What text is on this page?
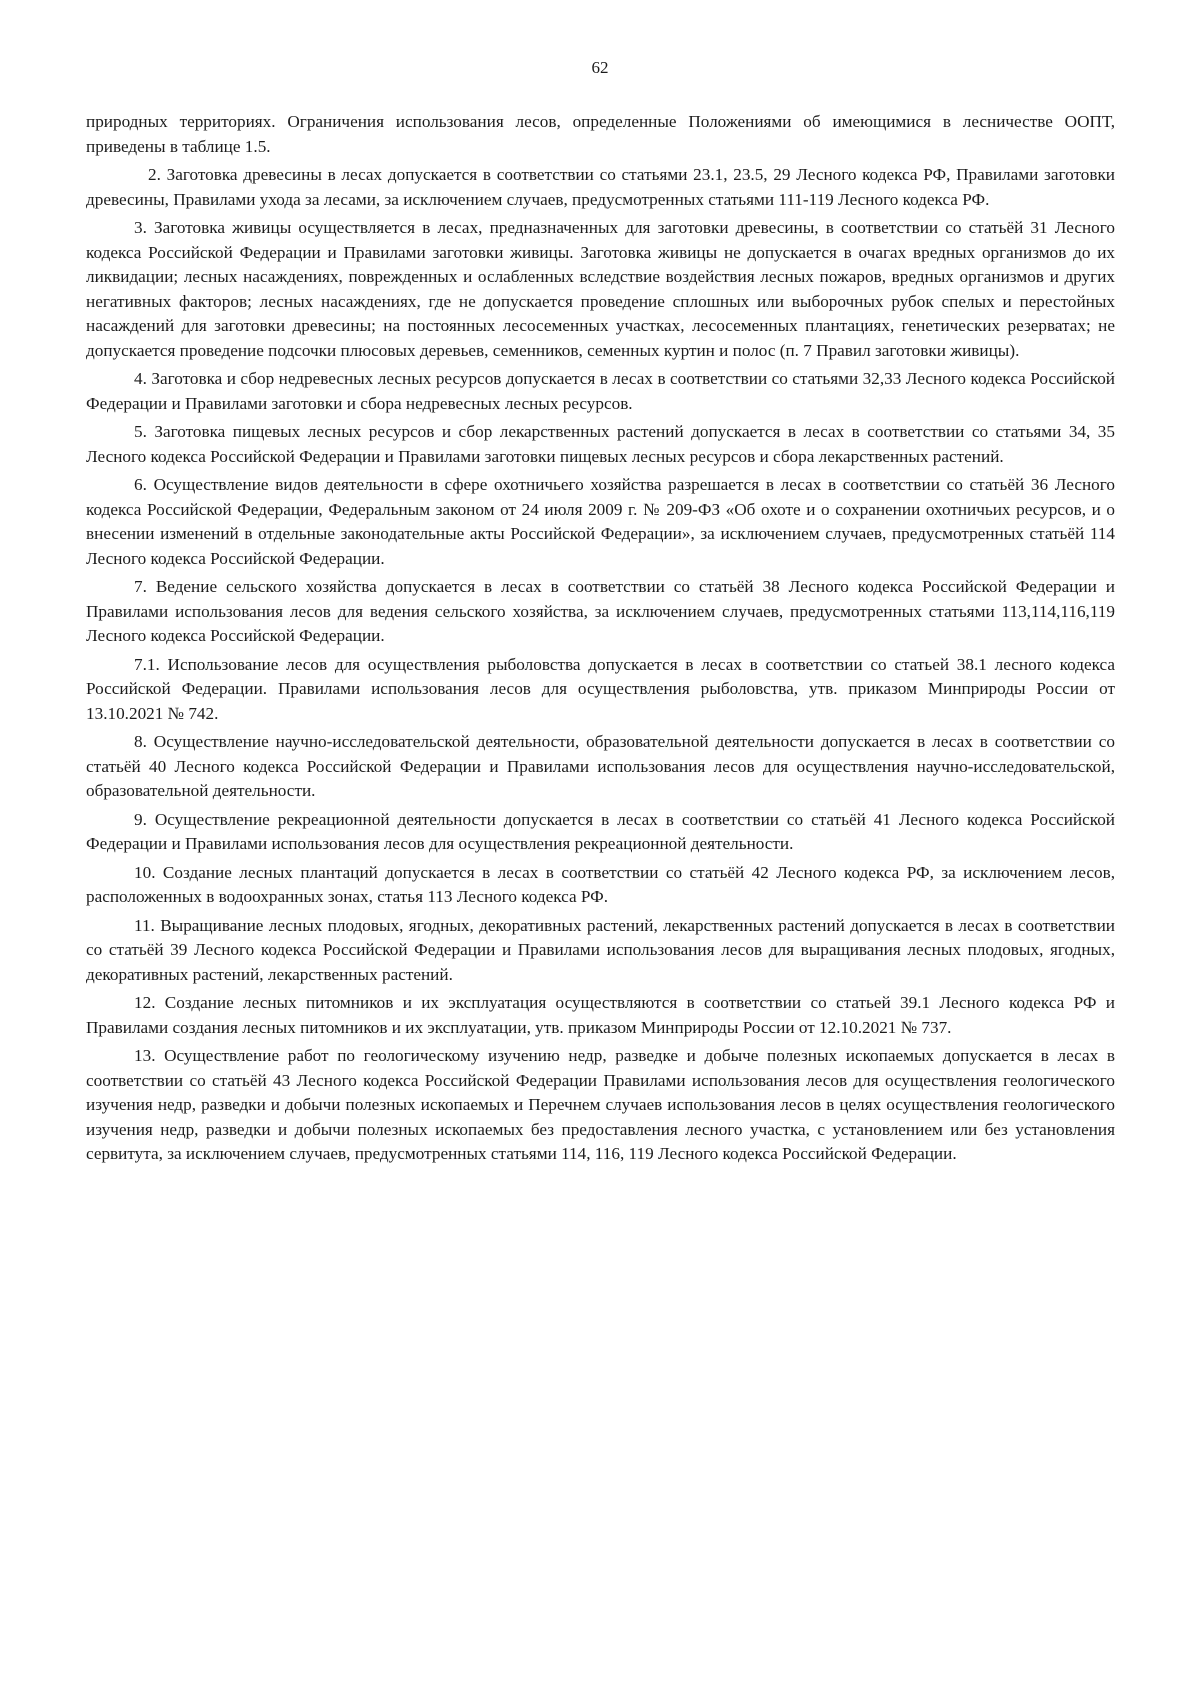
62

природных территориях. Ограничения использования лесов, определенные Положениями об имеющимися в лесничестве ООПТ, приведены в таблице 1.5.

2. Заготовка древесины в лесах допускается в соответствии со статьями 23.1, 23.5, 29 Лесного кодекса РФ, Правилами заготовки древесины, Правилами ухода за лесами, за исключением случаев, предусмотренных статьями 111-119 Лесного кодекса РФ.

3. Заготовка живицы осуществляется в лесах, предназначенных для заготовки древесины, в соответствии со статьёй 31 Лесного кодекса Российской Федерации и Правилами заготовки живицы. Заготовка живицы не допускается в очагах вредных организмов до их ликвидации; лесных насаждениях, поврежденных и ослабленных вследствие воздействия лесных пожаров, вредных организмов и других негативных факторов; лесных насаждениях, где не допускается проведение сплошных или выборочных рубок спелых и перестойных насаждений для заготовки древесины; на постоянных лесосеменных участках, лесосеменных плантациях, генетических резерватах; не допускается проведение подсочки плюсовых деревьев, семенников, семенных куртин и полос (п. 7 Правил заготовки живицы).

4. Заготовка и сбор недревесных лесных ресурсов допускается в лесах в соответствии со статьями 32,33 Лесного кодекса Российской Федерации и Правилами заготовки и сбора недревесных лесных ресурсов.

5. Заготовка пищевых лесных ресурсов и сбор лекарственных растений допускается в лесах в соответствии со статьями 34, 35 Лесного кодекса Российской Федерации и Правилами заготовки пищевых лесных ресурсов и сбора лекарственных растений.

6. Осуществление видов деятельности в сфере охотничьего хозяйства разрешается в лесах в соответствии со статьёй 36 Лесного кодекса Российской Федерации, Федеральным законом от 24 июля 2009 г. № 209-ФЗ «Об охоте и о сохранении охотничьих ресурсов, и о внесении изменений в отдельные законодательные акты Российской Федерации», за исключением случаев, предусмотренных статьёй 114 Лесного кодекса Российской Федерации.

7. Ведение сельского хозяйства допускается в лесах в соответствии со статьёй 38 Лесного кодекса Российской Федерации и Правилами использования лесов для ведения сельского хозяйства, за исключением случаев, предусмотренных статьями 113,114,116,119 Лесного кодекса Российской Федерации.

7.1. Использование лесов для осуществления рыболовства допускается в лесах в соответствии со статьей 38.1 лесного кодекса Российской Федерации. Правилами использования лесов для осуществления рыболовства, утв. приказом Минприроды России от 13.10.2021 № 742.

8. Осуществление научно-исследовательской деятельности, образовательной деятельности допускается в лесах в соответствии со статьёй 40 Лесного кодекса Российской Федерации и Правилами использования лесов для осуществления научно-исследовательской, образовательной деятельности.

9. Осуществление рекреационной деятельности допускается в лесах в соответствии со статьёй 41 Лесного кодекса Российской Федерации и Правилами использования лесов для осуществления рекреационной деятельности.

10. Создание лесных плантаций допускается в лесах в соответствии со статьёй 42 Лесного кодекса РФ, за исключением лесов, расположенных в водоохранных зонах, статья 113 Лесного кодекса РФ.

11. Выращивание лесных плодовых, ягодных, декоративных растений, лекарственных растений допускается в лесах в соответствии со статьёй 39 Лесного кодекса Российской Федерации и Правилами использования лесов для выращивания лесных плодовых, ягодных, декоративных растений, лекарственных растений.

12. Создание лесных питомников и их эксплуатация осуществляются в соответствии со статьей 39.1 Лесного кодекса РФ и Правилами создания лесных питомников и их эксплуатации, утв. приказом Минприроды России от 12.10.2021 № 737.

13. Осуществление работ по геологическому изучению недр, разведке и добыче полезных ископаемых допускается в лесах в соответствии со статьёй 43 Лесного кодекса Российской Федерации Правилами использования лесов для осуществления геологического изучения недр, разведки и добычи полезных ископаемых и Перечнем случаев использования лесов в целях осуществления геологического изучения недр, разведки и добычи полезных ископаемых без предоставления лесного участка, с установлением или без установления сервитута, за исключением случаев, предусмотренных статьями 114, 116, 119 Лесного кодекса Российской Федерации.
